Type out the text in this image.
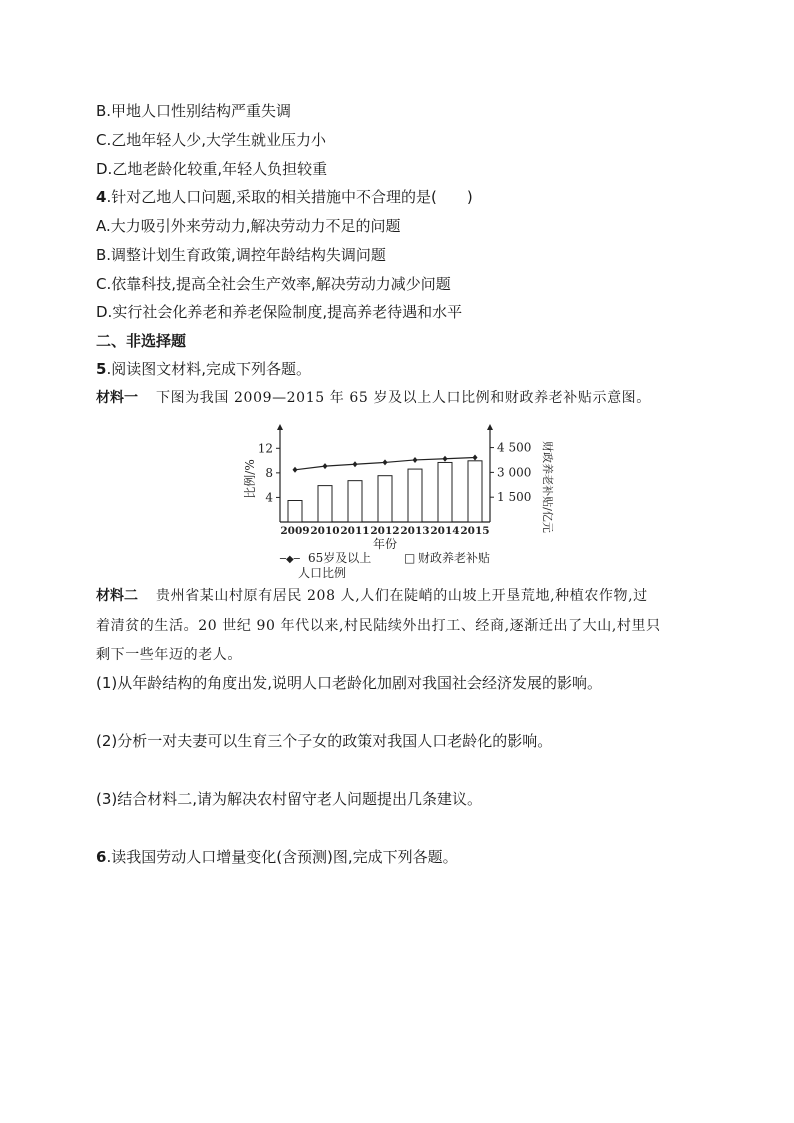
B.甲地人口性别结构严重失调
C.乙地年轻人少,大学生就业压力小
D.乙地老龄化较重,年轻人负担较重
4.针对乙地人口问题,采取的相关措施中不合理的是(　　)
A.大力吸引外来劳动力,解决劳动力不足的问题
B.调整计划生育政策,调控年龄结构失调问题
C.依靠科技,提高全社会生产效率,解决劳动力减少问题
D.实行社会化养老和养老保险制度,提高养老待遇和水平
二、非选择题
5.阅读图文材料,完成下列各题。
材料一 下图为我国 2009—2015 年 65 岁及以上人口比例和财政养老补贴示意图。
4
8
12
1 500
3 000
4 500
比例/%	财政养老补贴/亿元
2009 2010 2011 2012 2013 2014 2015
年份
─◆─ 65岁及以上
人口比例
□ 财政养老补贴
材料二 贵州省某山村原有居民 208 人,人们在陡峭的山坡上开垦荒地,种植农作物,过
着清贫的生活。20 世纪 90 年代以来,村民陆续外出打工、经商,逐渐迁出了大山,村里只
剩下一些年迈的老人。
(1)从年龄结构的角度出发,说明人口老龄化加剧对我国社会经济发展的影响。
(2)分析一对夫妻可以生育三个子女的政策对我国人口老龄化的影响。
(3)结合材料二,请为解决农村留守老人问题提出几条建议。
6.读我国劳动人口增量变化(含预测)图,完成下列各题。
